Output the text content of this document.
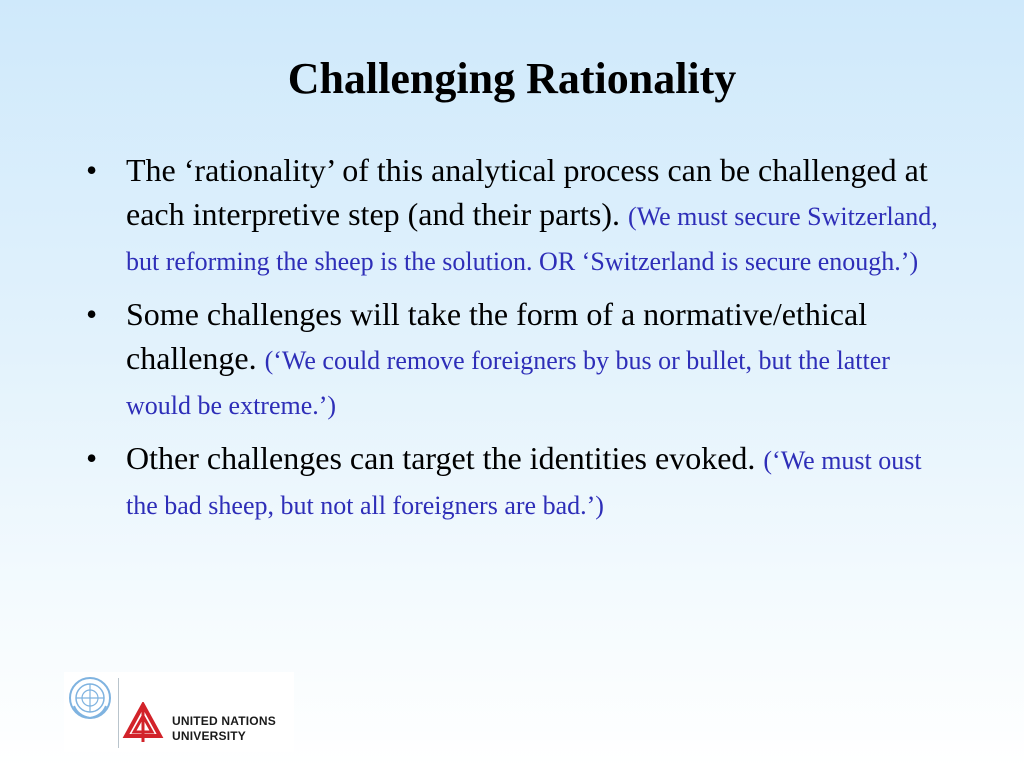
Challenging Rationality
• The ‘rationality’ of this analytical process can be challenged at each interpretive step (and their parts). (We must secure Switzerland, but reforming the sheep is the solution. OR ‘Switzerland is secure enough.’)
• Some challenges will take the form of a normative/ethical challenge. (‘We could remove foreigners by bus or bullet, but the latter would be extreme.’)
• Other challenges can target the identities evoked. (‘We must oust the bad sheep, but not all foreigners are bad.’)
UNITED NATIONS
UNIVERSITY
